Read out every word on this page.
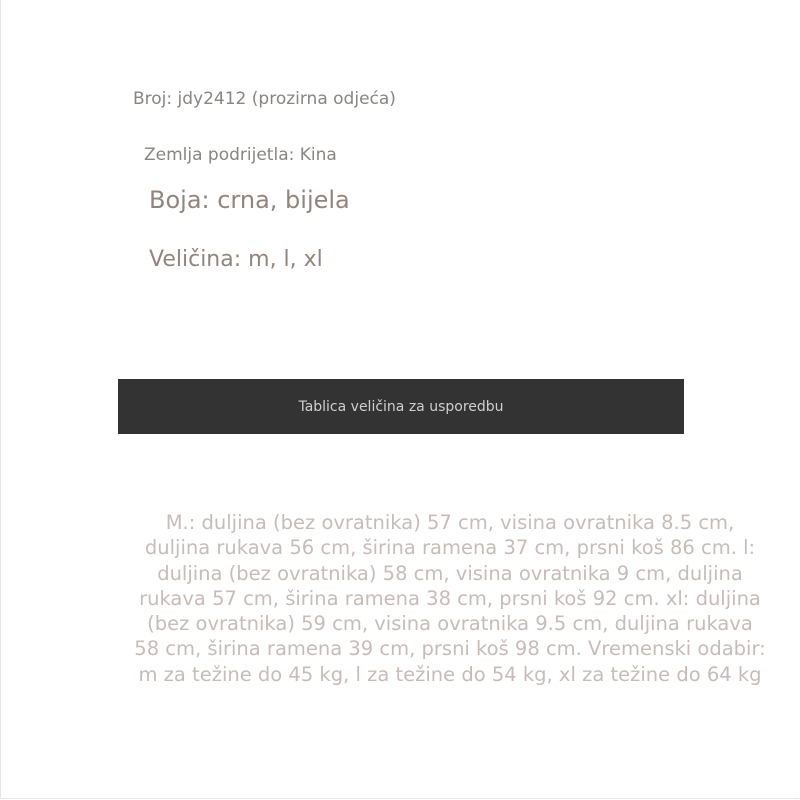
Broj: jdy2412 (prozirna odjeća)
Zemlja podrijetla: Kina
Boja: crna, bijela
Veličina: m, l, xl
Tablica veličina za usporedbu
M.: duljina (bez ovratnika) 57 cm, visina ovratnika 8.5 cm,
duljina rukava 56 cm, širina ramena 37 cm, prsni koš 86 cm. l:
duljina (bez ovratnika) 58 cm, visina ovratnika 9 cm, duljina
rukava 57 cm, širina ramena 38 cm, prsni koš 92 cm. xl: duljina
(bez ovratnika) 59 cm, visina ovratnika 9.5 cm, duljina rukava
58 cm, širina ramena 39 cm, prsni koš 98 cm. Vremenski odabir:
m za težine do 45 kg, l za težine do 54 kg, xl za težine do 64 kg
